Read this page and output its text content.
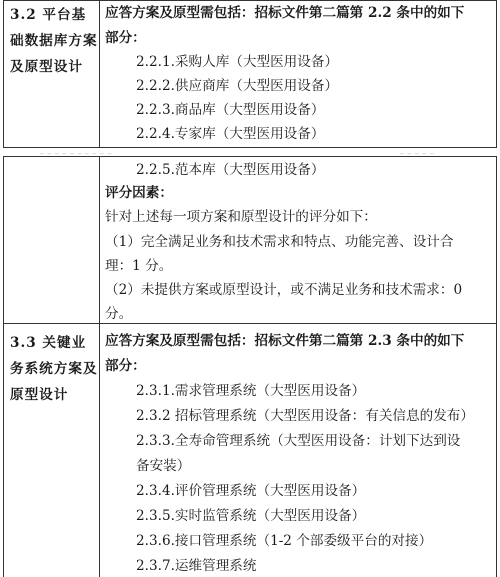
3.2 平台基础数据库方案及原型设计
应答方案及原型需包括：招标文件第二篇第 2.2 条中的如下
部分：
2.2.1.采购人库（大型医用设备）
2.2.2.供应商库（大型医用设备）
2.2.3.商品库（大型医用设备）
2.2.4.专家库（大型医用设备）
─ ─ ─ ─ ─ ─ ─ ─ ─ ─	─ ─ ─ ─ ─
2.2.5.范本库（大型医用设备）
评分因素：
针对上述每一项方案和原型设计的评分如下：
（1）完全满足业务和技术需求和特点、功能完善、设计合
理：1 分。
（2）未提供方案或原型设计，或不满足业务和技术需求：0
分。
3.3 关键业务系统方案及原型设计
应答方案及原型需包括：招标文件第二篇第 2.3 条中的如下
部分：
2.3.1.需求管理系统（大型医用设备）
2.3.2 招标管理系统（大型医用设备：有关信息的发布）
2.3.3.全寿命管理系统（大型医用设备：计划下达到设
备安装）
2.3.4.评价管理系统（大型医用设备）
2.3.5.实时监管系统（大型医用设备）
2.3.6.接口管理系统（1-2 个部委级平台的对接）
2.3.7.运维管理系统
